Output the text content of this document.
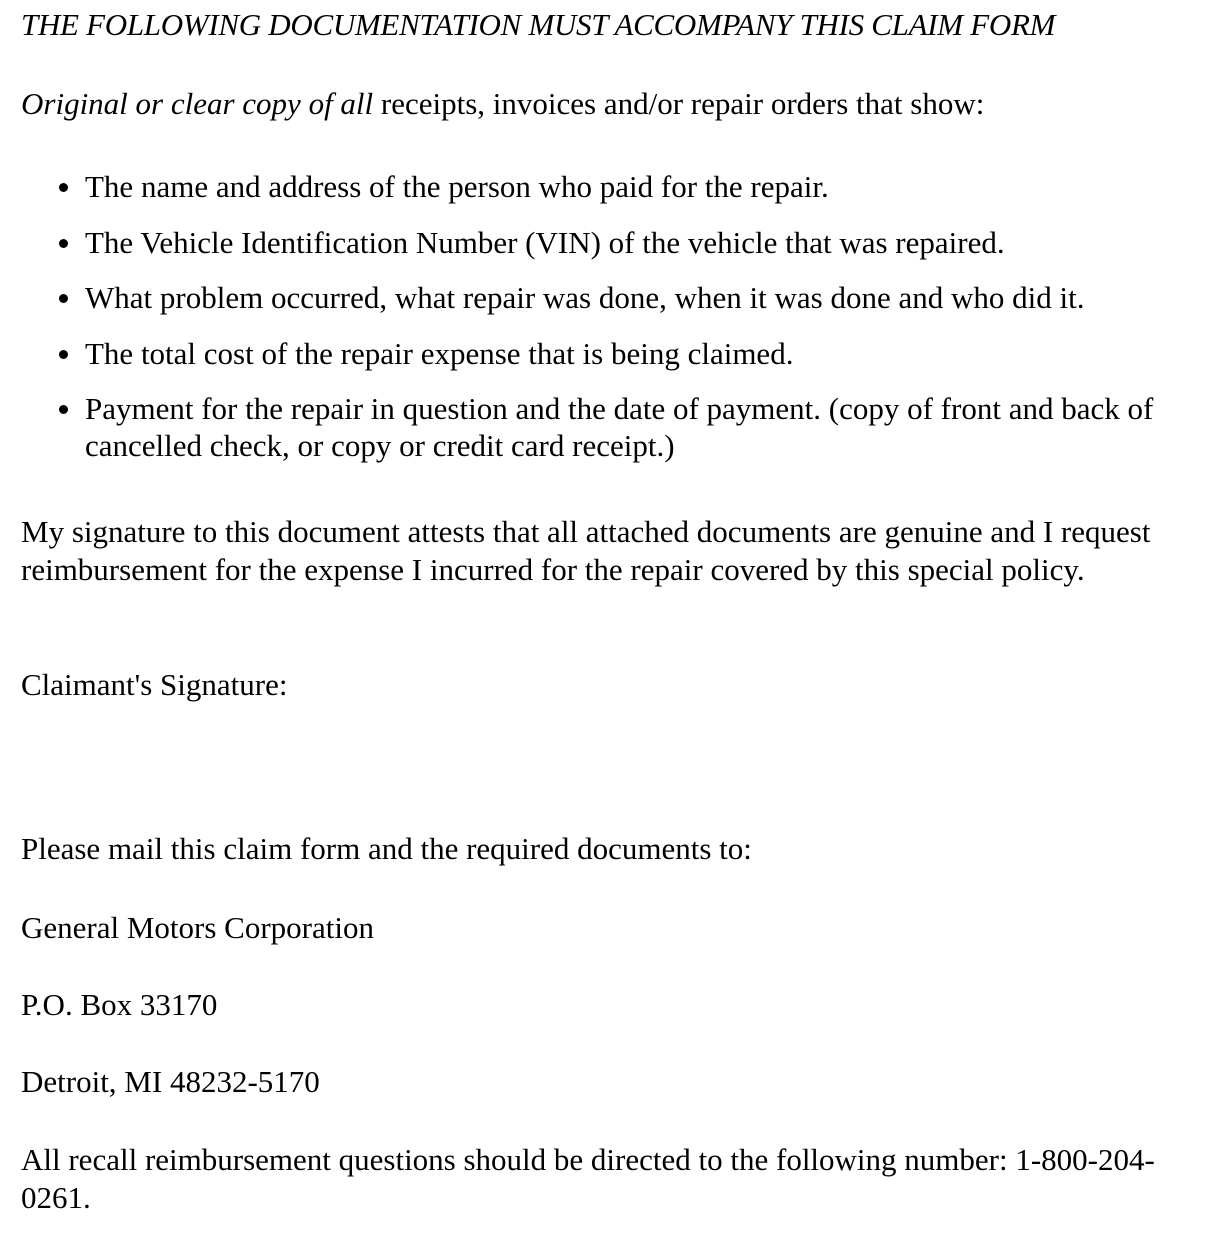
THE FOLLOWING DOCUMENTATION MUST ACCOMPANY THIS CLAIM FORM
Original or clear copy of all receipts, invoices and/or repair orders that show:
The name and address of the person who paid for the repair.
The Vehicle Identification Number (VIN) of the vehicle that was repaired.
What problem occurred, what repair was done, when it was done and who did it.
The total cost of the repair expense that is being claimed.
Payment for the repair in question and the date of payment. (copy of front and back of cancelled check, or copy or credit card receipt.)
My signature to this document attests that all attached documents are genuine and I request reimbursement for the expense I incurred for the repair covered by this special policy.
Claimant's Signature:
Please mail this claim form and the required documents to:
General Motors Corporation
P.O. Box 33170
Detroit, MI 48232-5170
All recall reimbursement questions should be directed to the following number: 1-800-204-0261.
